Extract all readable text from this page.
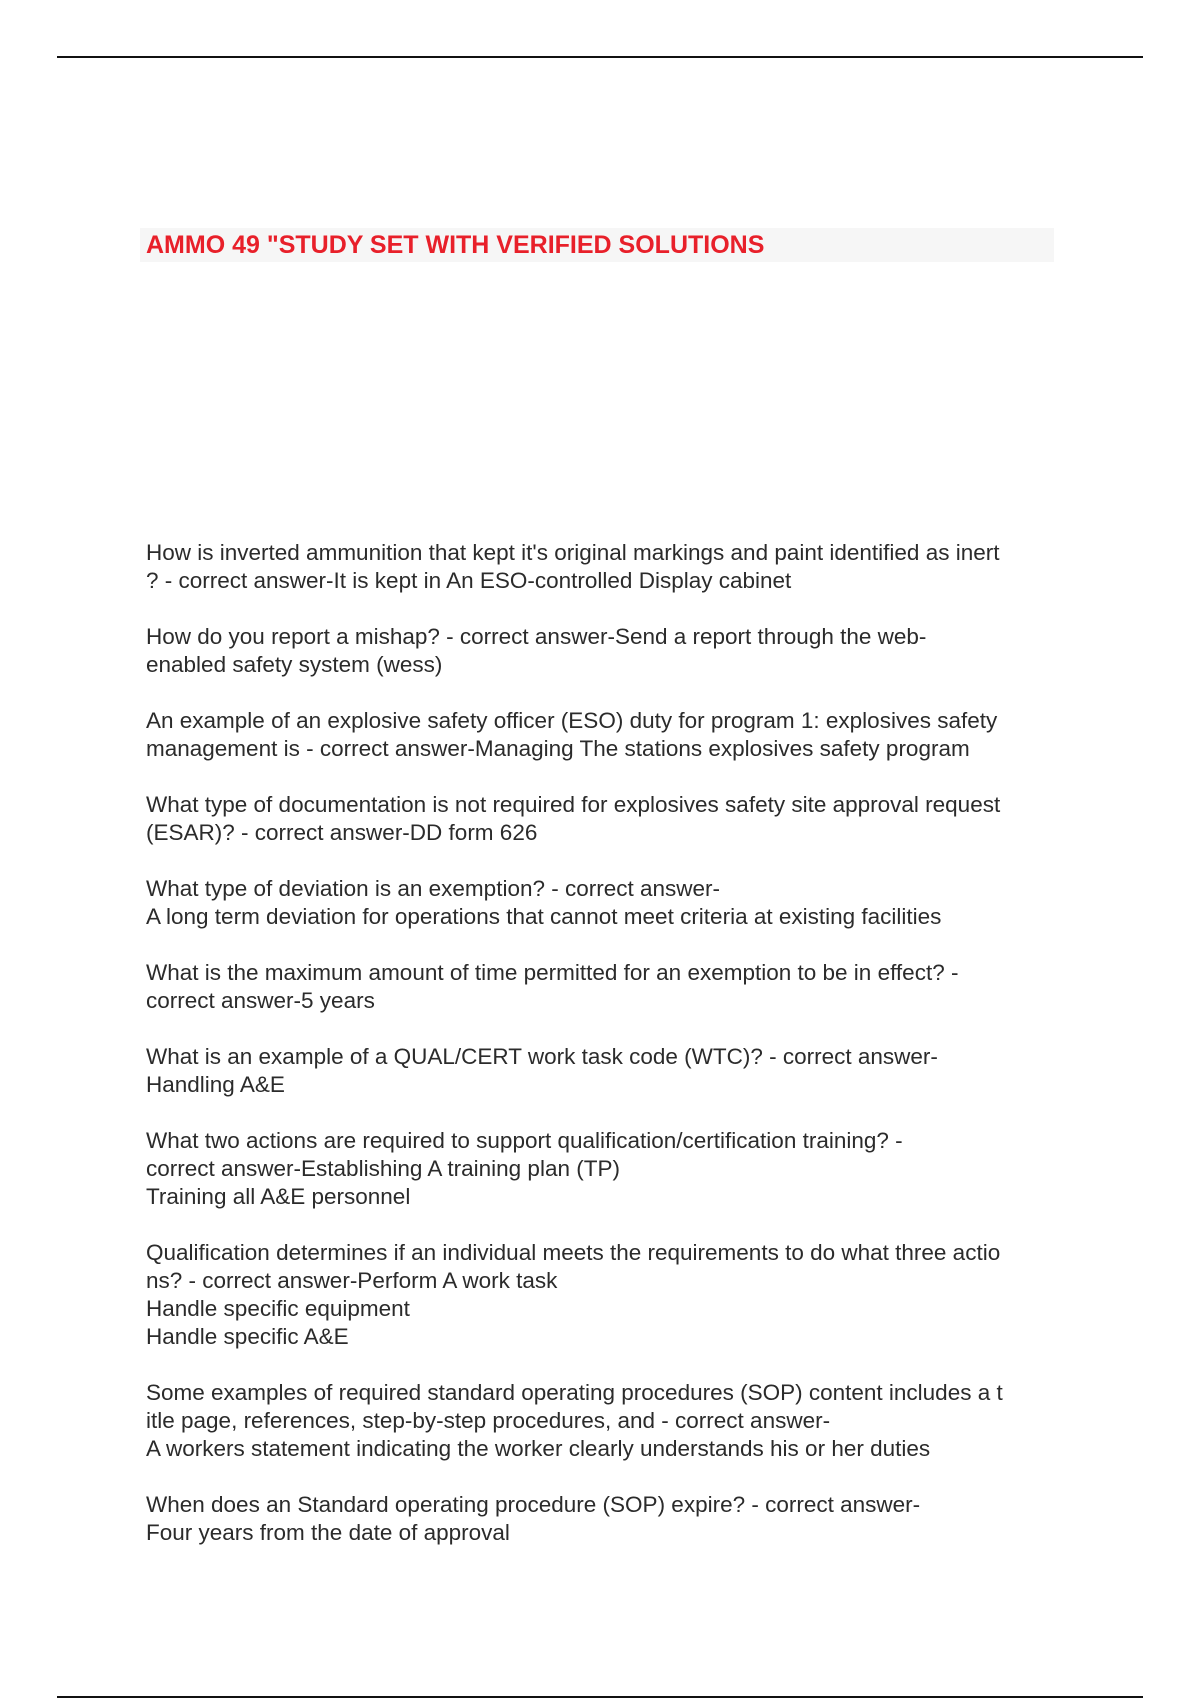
AMMO 49 "STUDY SET WITH VERIFIED SOLUTIONS

How is inverted ammunition that kept it's original markings and paint identified as inert
? - correct answer-It is kept in An ESO-controlled Display cabinet

How do you report a mishap? - correct answer-Send a report through the web-
enabled safety system (wess)

An example of an explosive safety officer (ESO) duty for program 1: explosives safety
management is - correct answer-Managing The stations explosives safety program

What type of documentation is not required for explosives safety site approval request
(ESAR)? - correct answer-DD form 626

What type of deviation is an exemption? - correct answer-
A long term deviation for operations that cannot meet criteria at existing facilities

What is the maximum amount of time permitted for an exemption to be in effect? -
correct answer-5 years

What is an example of a QUAL/CERT work task code (WTC)? - correct answer-
Handling A&E

What two actions are required to support qualification/certification training? -
correct answer-Establishing A training plan (TP)
Training all A&E personnel

Qualification determines if an individual meets the requirements to do what three actio
ns? - correct answer-Perform A work task
Handle specific equipment
Handle specific A&E

Some examples of required standard operating procedures (SOP) content includes a t
itle page, references, step-by-step procedures, and - correct answer-
A workers statement indicating the worker clearly understands his or her duties

When does an Standard operating procedure (SOP) expire? - correct answer-
Four years from the date of approval
